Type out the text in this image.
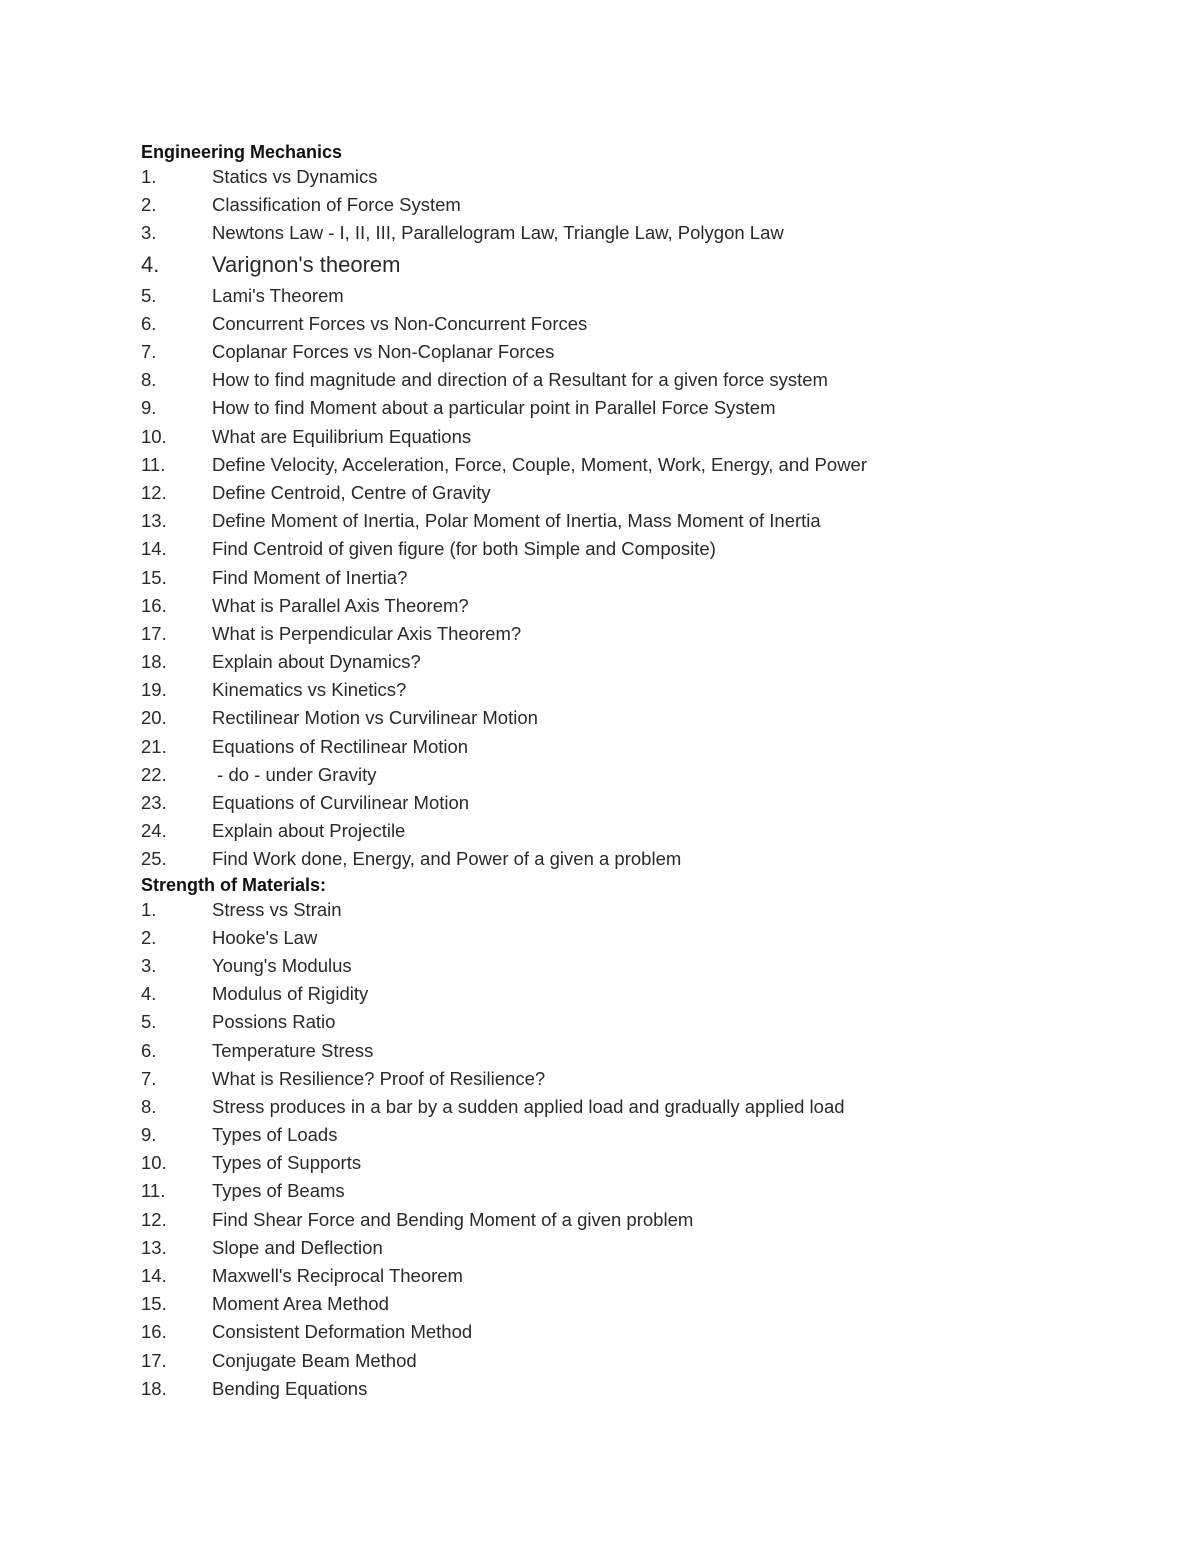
Engineering Mechanics
1.	Statics vs Dynamics
2.	Classification of Force System
3.	Newtons Law - I, II, III, Parallelogram Law, Triangle Law, Polygon Law
4.	Varignon's theorem
5.	Lami's Theorem
6.	Concurrent Forces vs Non-Concurrent Forces
7.	Coplanar Forces vs Non-Coplanar Forces
8.	How to find magnitude and direction of a Resultant for a given force system
9.	How to find Moment about a particular point in Parallel Force System
10.	What are Equilibrium Equations
11.	Define Velocity, Acceleration, Force, Couple, Moment, Work, Energy, and Power
12.	Define Centroid, Centre of Gravity
13.	Define Moment of Inertia, Polar Moment of Inertia, Mass Moment of Inertia
14.	Find Centroid of given figure (for both Simple and Composite)
15.	Find Moment of Inertia?
16.	What is Parallel Axis Theorem?
17.	What is Perpendicular Axis Theorem?
18.	Explain about Dynamics?
19.	Kinematics vs Kinetics?
20.	Rectilinear Motion vs Curvilinear Motion
21.	Equations of Rectilinear Motion
22.	- do - under Gravity
23.	Equations of Curvilinear Motion
24.	Explain about Projectile
25.	Find Work done, Energy, and Power of a given a problem
Strength of Materials:
1.	Stress vs Strain
2.	Hooke's Law
3.	Young's Modulus
4.	Modulus of Rigidity
5.	Possions Ratio
6.	Temperature Stress
7.	What is Resilience? Proof of Resilience?
8.	Stress produces in a bar by a sudden applied load and gradually applied load
9.	Types of Loads
10.	Types of Supports
11.	Types of Beams
12.	Find Shear Force and Bending Moment of a given problem
13.	Slope and Deflection
14.	Maxwell's Reciprocal Theorem
15.	Moment Area Method
16.	Consistent Deformation Method
17.	Conjugate Beam Method
18.	Bending Equations
